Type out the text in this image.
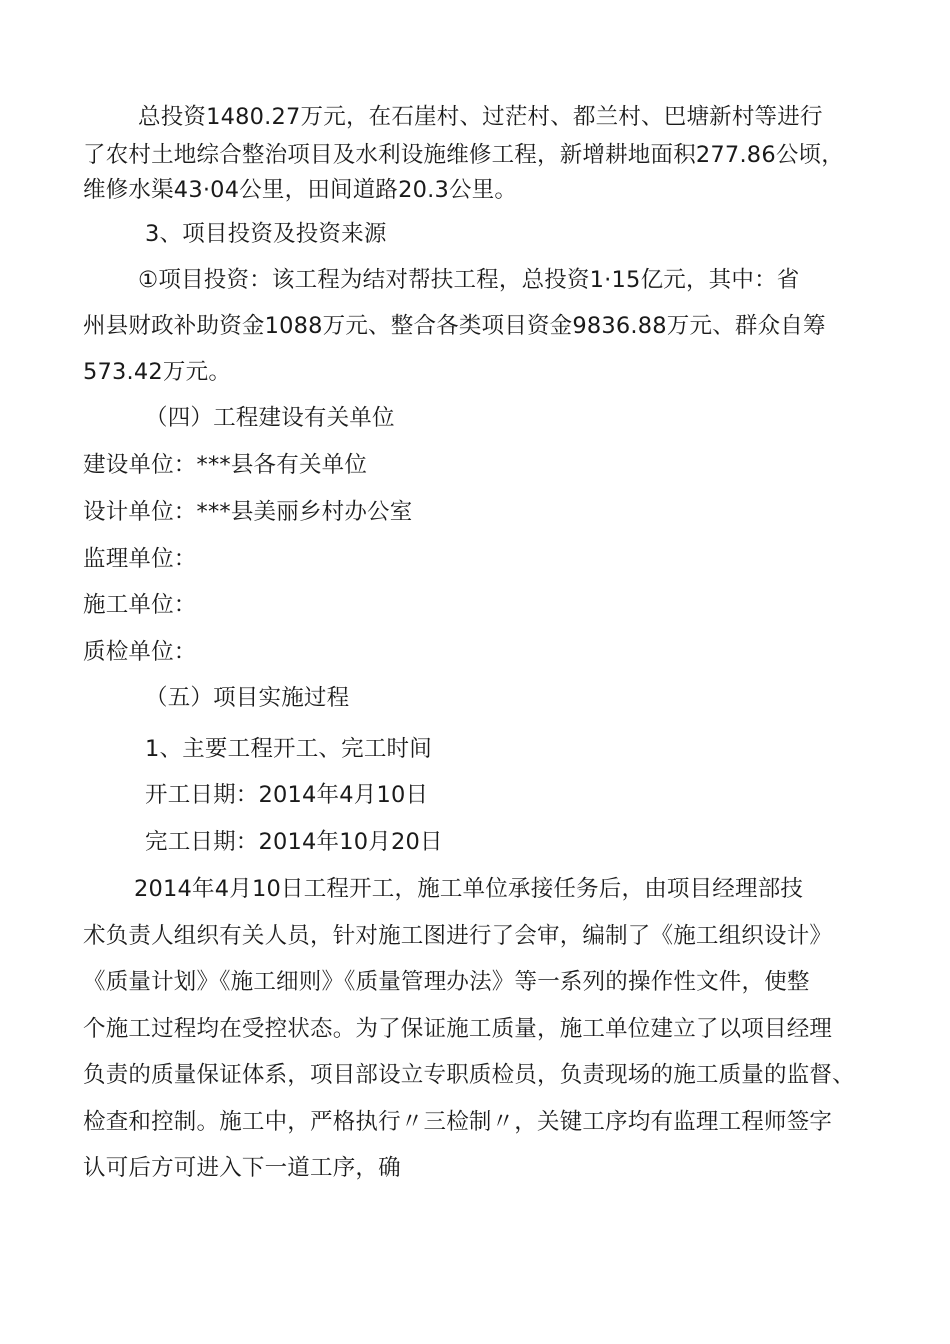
总投资1480.27万元，在石崖村、过茫村、都兰村、巴塘新村等进行
了农村土地综合整治项目及水利设施维修工程，新增耕地面积277.86公顷，
维修水渠43·04公里，田间道路20.3公里。
3、项目投资及投资来源
①项目投资：该工程为结对帮扶工程，总投资1·15亿元，其中：省
州县财政补助资金1088万元、整合各类项目资金9836.88万元、群众自筹
573.42万元。
（四）工程建设有关单位
建设单位：***县各有关单位
设计单位：***县美丽乡村办公室
监理单位：
施工单位：
质检单位：
（五）项目实施过程
1、主要工程开工、完工时间
开工日期：2014年4月10日
完工日期：2014年10月20日
2014年4月10日工程开工，施工单位承接任务后，由项目经理部技
术负责人组织有关人员，针对施工图进行了会审，编制了《施工组织设计》
《质量计划》《施工细则》《质量管理办法》等一系列的操作性文件，使整
个施工过程均在受控状态。为了保证施工质量，施工单位建立了以项目经理
负责的质量保证体系，项目部设立专职质检员，负责现场的施工质量的监督、
检查和控制。施工中，严格执行〃三检制〃，关键工序均有监理工程师签字
认可后方可进入下一道工序，确
